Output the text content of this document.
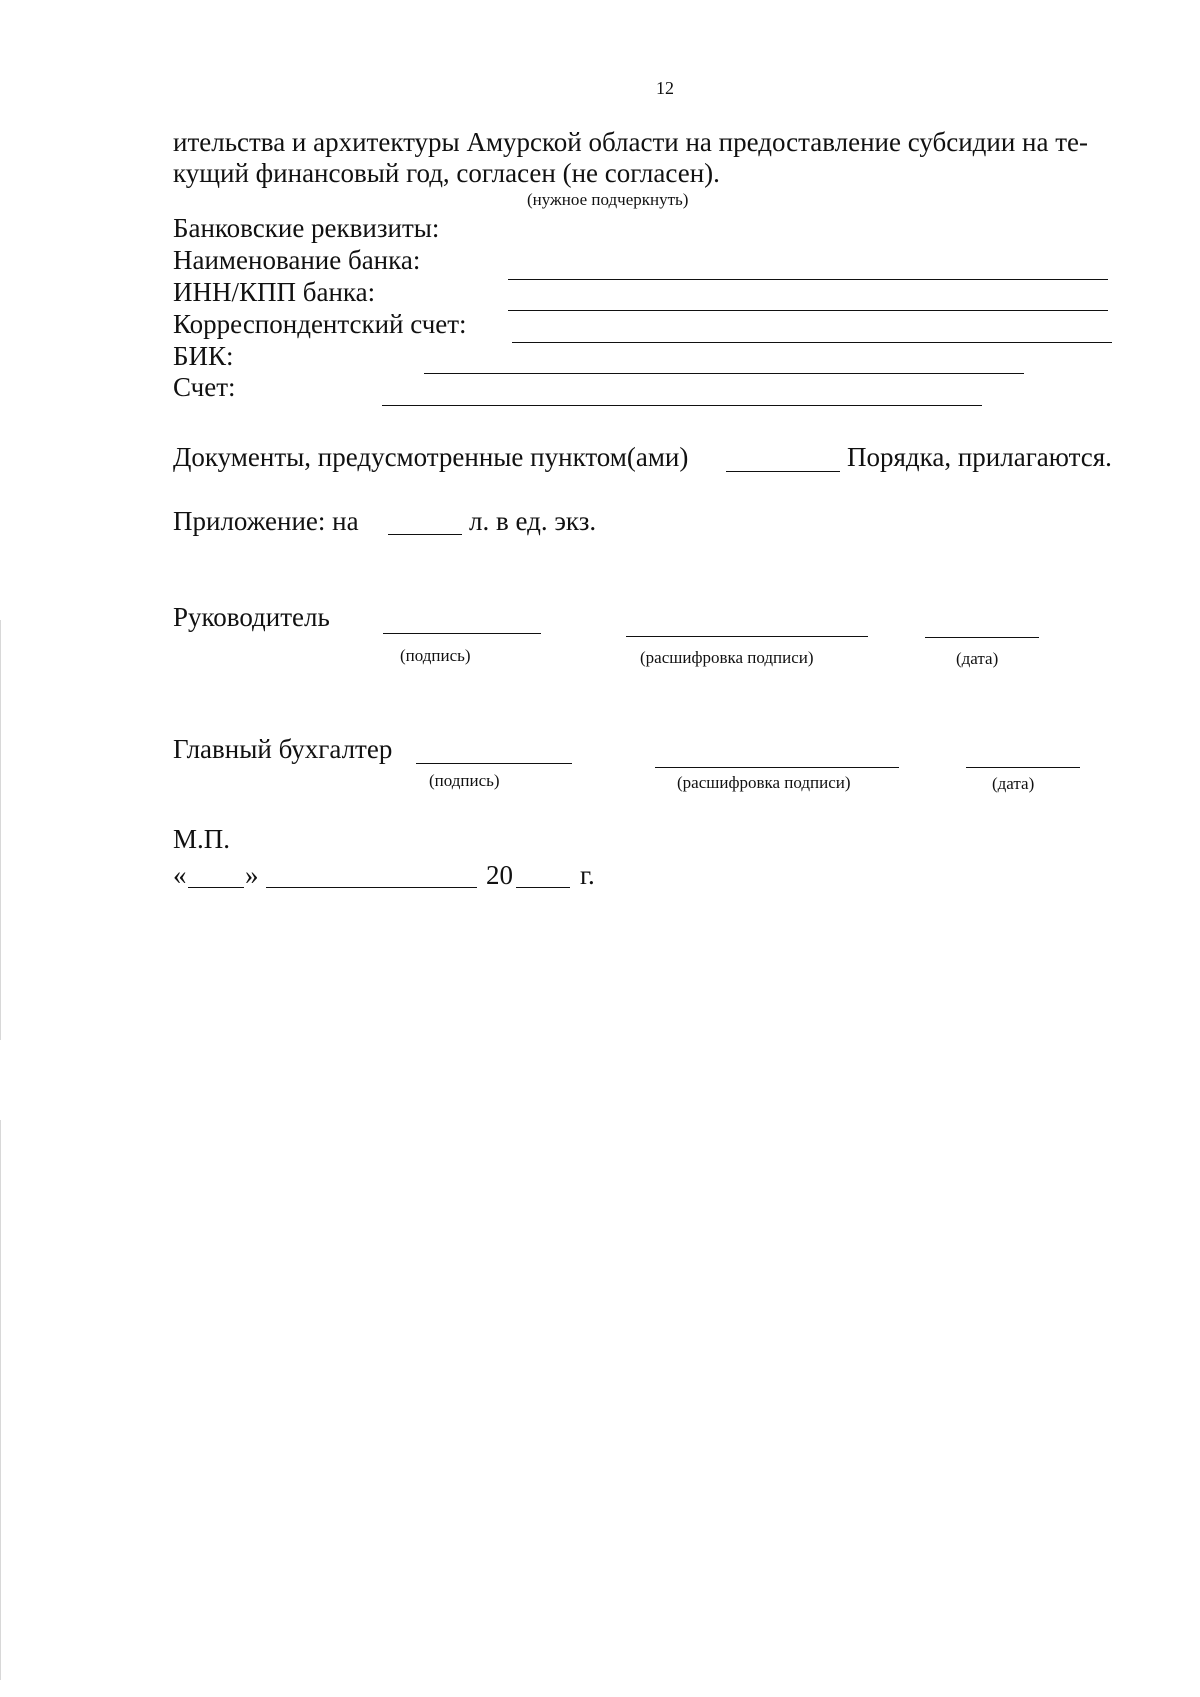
12
ительства и архитектуры Амурской области на предоставление субсидии на те-
кущий финансовый год, согласен (не согласен).
(нужное подчеркнуть)
Банковские реквизиты:
Наименование банка:
ИНН/КПП банка:
Корреспондентский счет:
БИК:
Счет:
Документы, предусмотренные пунктом(ами)	Порядка, прилагаются.
Приложение: на	л. в ед. экз.
Руководитель
(подпись)	(расшифровка подписи)	(дата)
Главный бухгалтер
(подпись)	(расшифровка подписи)	(дата)
М.П.
« »	20 г.
